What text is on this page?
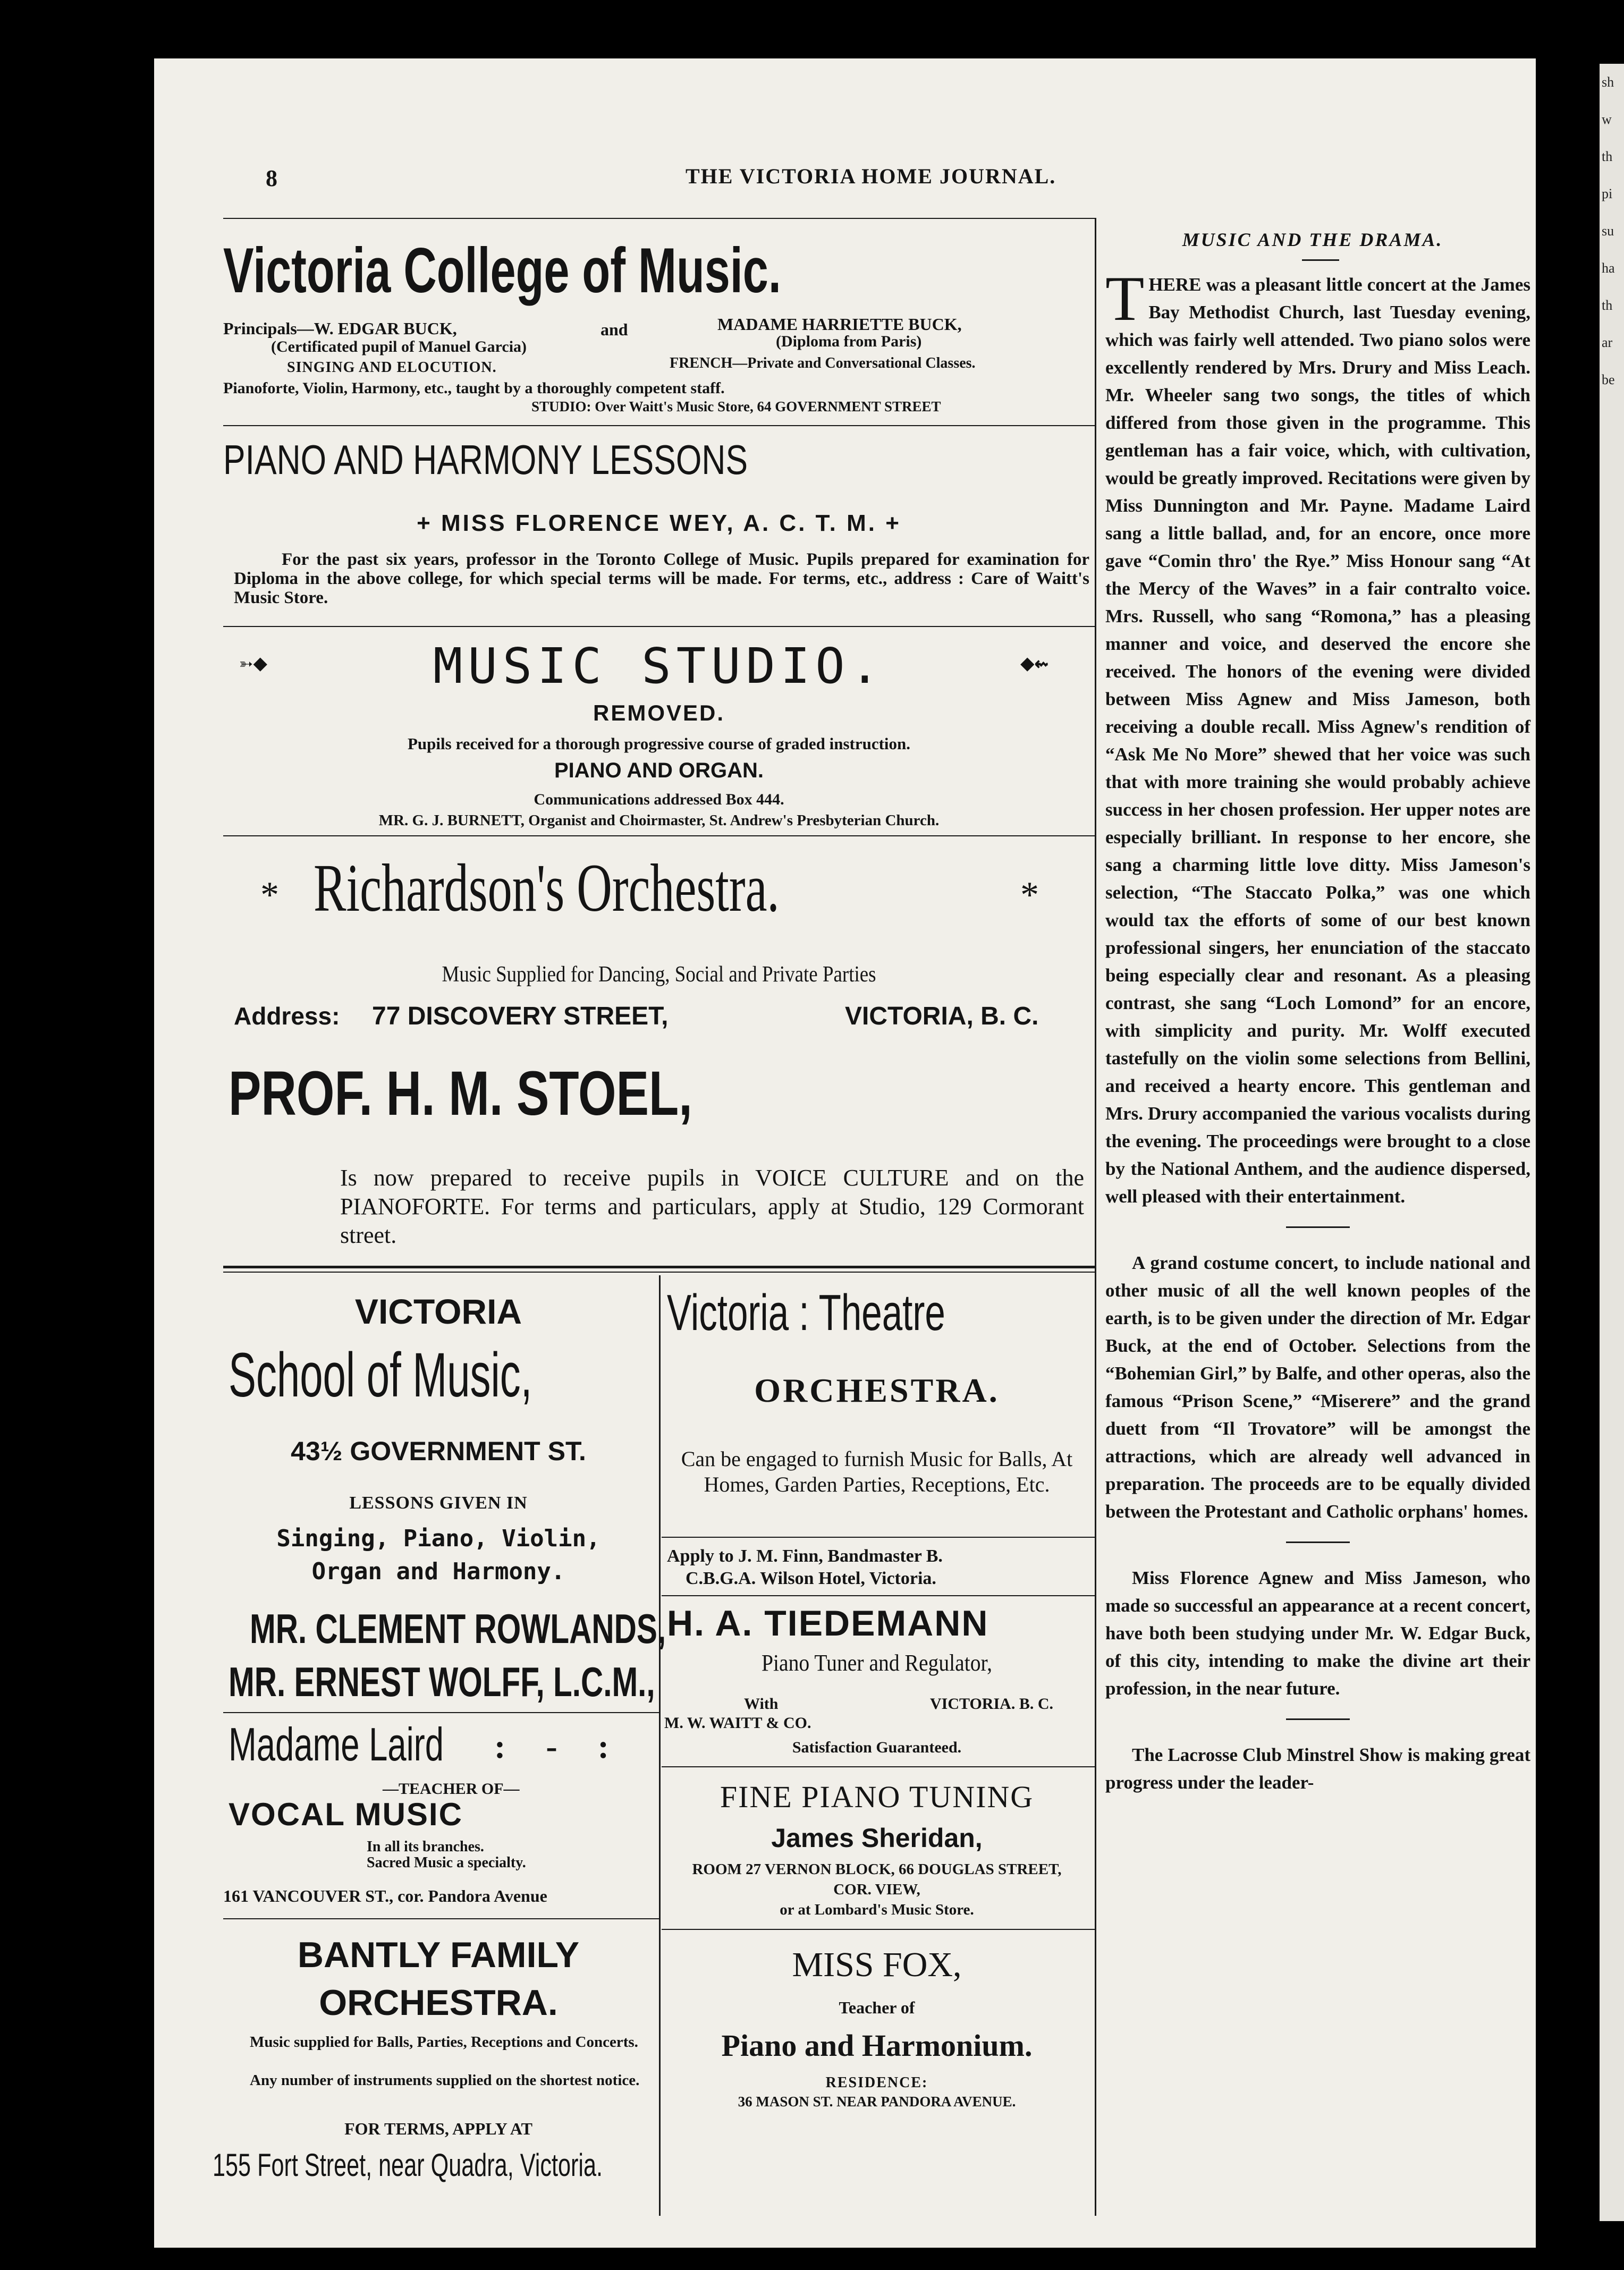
8	THE VICTORIA HOME JOURNAL.
Victoria College of Music.
Principals—W. EDGAR BUCK,	and	MADAME HARRIETTE BUCK,
(Certificated pupil of Manuel Garcia)	(Diploma from Paris)
SINGING AND ELOCUTION.	FRENCH—Private and Conversational Classes.
Pianoforte, Violin, Harmony, etc., taught by a thoroughly competent staff.
STUDIO: Over Waitt's Music Store, 64 GOVERNMENT STREET
PIANO AND HARMONY LESSONS
+ MISS FLORENCE WEY, A. C. T. M. +
For the past six years, professor in the Toronto College of Music. Pupils prepared for examination for Diploma in the above college, for which special terms will be made. For terms, etc., address : Care of Waitt's Music Store.
➳◆	◆⇜
MUSIC STUDIO.
REMOVED.
Pupils received for a thorough progressive course of graded instruction.
PIANO AND ORGAN.
Communications addressed Box 444.
MR. G. J. BURNETT, Organist and Choirmaster, St. Andrew's Presbyterian Church.
*	*
Richardson's Orchestra.
Music Supplied for Dancing, Social and Private Parties
Address: 77 DISCOVERY STREET,	VICTORIA, B. C.
PROF. H. M. STOEL,
Is now prepared to receive pupils in VOICE CULTURE and on the PIANOFORTE. For terms and particulars, apply at Studio, 129 Cormorant street.
VICTORIA
School of Music,
43½ GOVERNMENT ST.
LESSONS GIVEN IN
Singing, Piano, Violin,
Organ and Harmony.
MR. CLEMENT ROWLANDS,
MR. ERNEST WOLFF, L.C.M.,
Madame Laird : - :
—TEACHER OF—
VOCAL MUSIC
In all its branches.
Sacred Music a specialty.
161 VANCOUVER ST., cor. Pandora Avenue
BANTLY FAMILY
ORCHESTRA.
Music supplied for Balls, Parties, Receptions and Concerts.
Any number of instruments supplied on the shortest notice.
FOR TERMS, APPLY AT
155 Fort Street, near Quadra, Victoria.
Victoria : Theatre
ORCHESTRA.
Can be engaged to furnish Music for Balls, At Homes, Garden Parties, Receptions, Etc.
Apply to J. M. Finn, Bandmaster B.
C.B.G.A. Wilson Hotel, Victoria.
H. A. TIEDEMANN
Piano Tuner and Regulator,
With	VICTORIA. B. C.
M. W. WAITT & CO.
Satisfaction Guaranteed.
FINE PIANO TUNING
James Sheridan,
ROOM 27 VERNON BLOCK, 66 DOUGLAS STREET,
COR. VIEW,
or at Lombard's Music Store.
MISS FOX,
Teacher of
Piano and Harmonium.
RESIDENCE:
36 MASON ST. NEAR PANDORA AVENUE.
MUSIC AND THE DRAMA.

THERE was a pleasant little concert at the James Bay Methodist Church, last Tuesday evening, which was fairly well attended. Two piano solos were excellently rendered by Mrs. Drury and Miss Leach. Mr. Wheeler sang two songs, the titles of which differed from those given in the programme. This gentleman has a fair voice, which, with cultivation, would be greatly improved. Recitations were given by Miss Dunnington and Mr. Payne. Madame Laird sang a little ballad, and, for an encore, once more gave “Comin thro' the Rye.” Miss Honour sang “At the Mercy of the Waves” in a fair contralto voice. Mrs. Russell, who sang “Romona,” has a pleasing manner and voice, and deserved the encore she received. The honors of the evening were divided between Miss Agnew and Miss Jameson, both receiving a double recall. Miss Agnew's rendition of “Ask Me No More” shewed that her voice was such that with more training she would probably achieve success in her chosen profession. Her upper notes are especially brilliant. In response to her encore, she sang a charming little love ditty. Miss Jameson's selection, “The Staccato Polka,” was one which would tax the efforts of some of our best known professional singers, her enunciation of the staccato being especially clear and resonant. As a pleasing contrast, she sang “Loch Lomond” for an encore, with simplicity and purity. Mr. Wolff executed tastefully on the violin some selections from Bellini, and received a hearty encore. This gentleman and Mrs. Drury accompanied the various vocalists during the evening. The proceedings were brought to a close by the National Anthem, and the audience dispersed, well pleased with their entertainment.

A grand costume concert, to include national and other music of all the well known peoples of the earth, is to be given under the direction of Mr. Edgar Buck, at the end of October. Selections from the “Bohemian Girl,” by Balfe, and other operas, also the famous “Prison Scene,” “Miserere” and the grand duett from “Il Trovatore” will be amongst the attractions, which are already well advanced in preparation. The proceeds are to be equally divided between the Protestant and Catholic orphans' homes.

Miss Florence Agnew and Miss Jameson, who made so successful an appearance at a recent concert, have both been studying under Mr. W. Edgar Buck, of this city, intending to make the divine art their profession, in the near future.

The Lacrosse Club Minstrel Show is making great progress under the leader-

sh
w
th
pi
su
ha
th
ar
be
